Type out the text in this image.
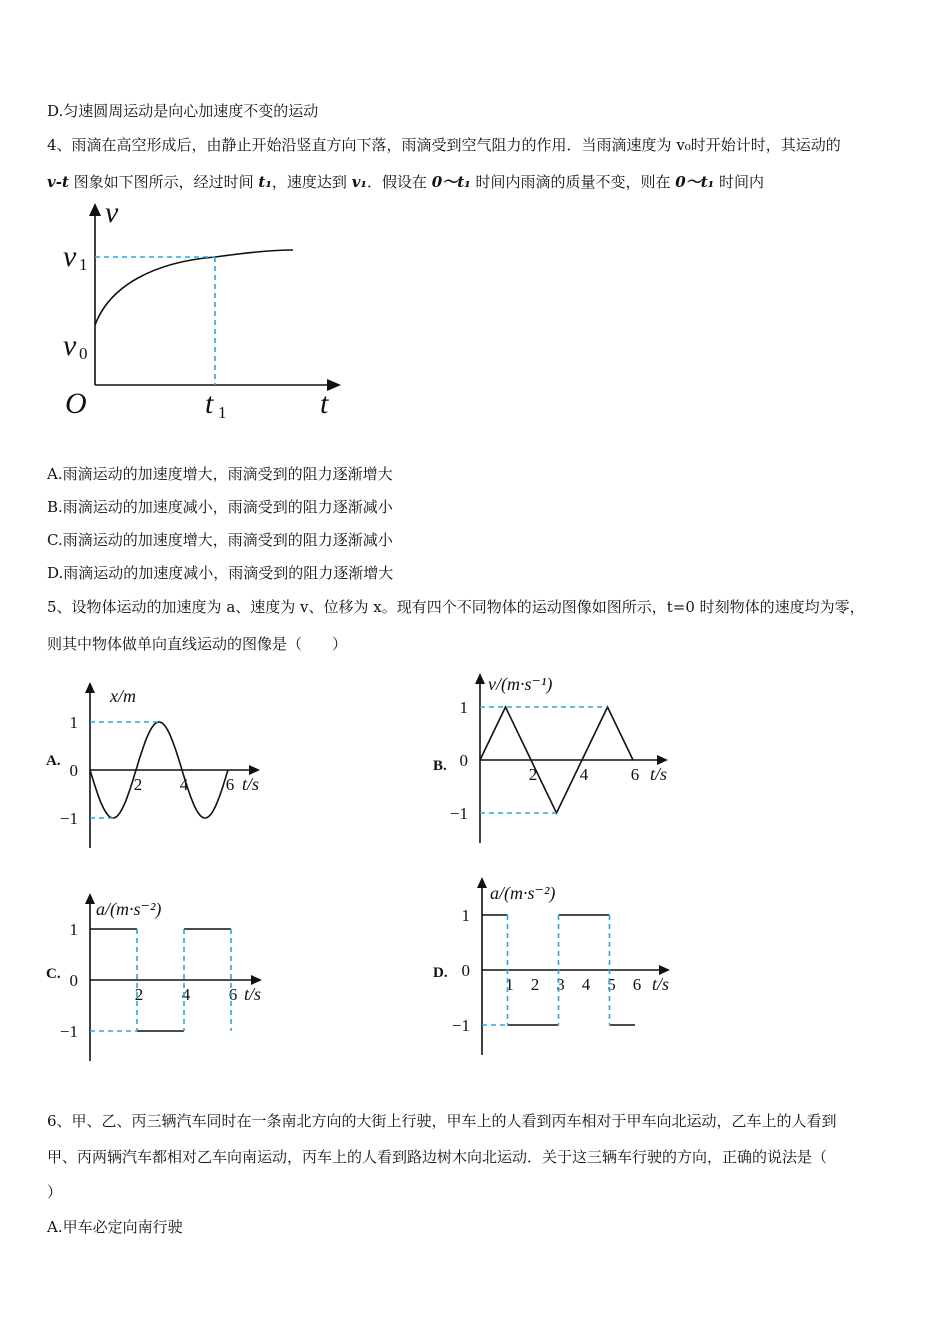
D.匀速圆周运动是向心加速度不变的运动
4、雨滴在高空形成后，由静止开始沿竖直方向下落，雨滴受到空气阻力的作用．当雨滴速度为 v₀时开始计时，其运动的
v-t 图象如下图所示，经过时间 t₁，速度达到 v₁．假设在 0～t₁ 时间内雨滴的质量不变，则在 0～t₁ 时间内
v
v 1
v 0
O	t 1	t
A.雨滴运动的加速度增大，雨滴受到的阻力逐渐增大
B.雨滴运动的加速度减小，雨滴受到的阻力逐渐减小
C.雨滴运动的加速度增大，雨滴受到的阻力逐渐减小
D.雨滴运动的加速度减小，雨滴受到的阻力逐渐增大
5、设物体运动的加速度为 a、速度为 v、位移为 x。现有四个不同物体的运动图像如图所示，t=0 时刻物体的速度均为零，
则其中物体做单向直线运动的图像是（　　）
A.
1
0
−1
x/m
t/s
2 4 6
B.
1
0
−1
v/(m·s⁻¹)
t/s
2	4	6
C.
1
0
−1
a/(m·s⁻²)
t/s
2 4 6
D.
1
0
−1
a/(m·s⁻²)
t/s
1 2 3 4 5 6
6、甲、乙、丙三辆汽车同时在一条南北方向的大街上行驶，甲车上的人看到丙车相对于甲车向北运动，乙车上的人看到
甲、丙两辆汽车都相对乙车向南运动，丙车上的人看到路边树木向北运动．关于这三辆车行驶的方向，正确的说法是（
）
A.甲车必定向南行驶
